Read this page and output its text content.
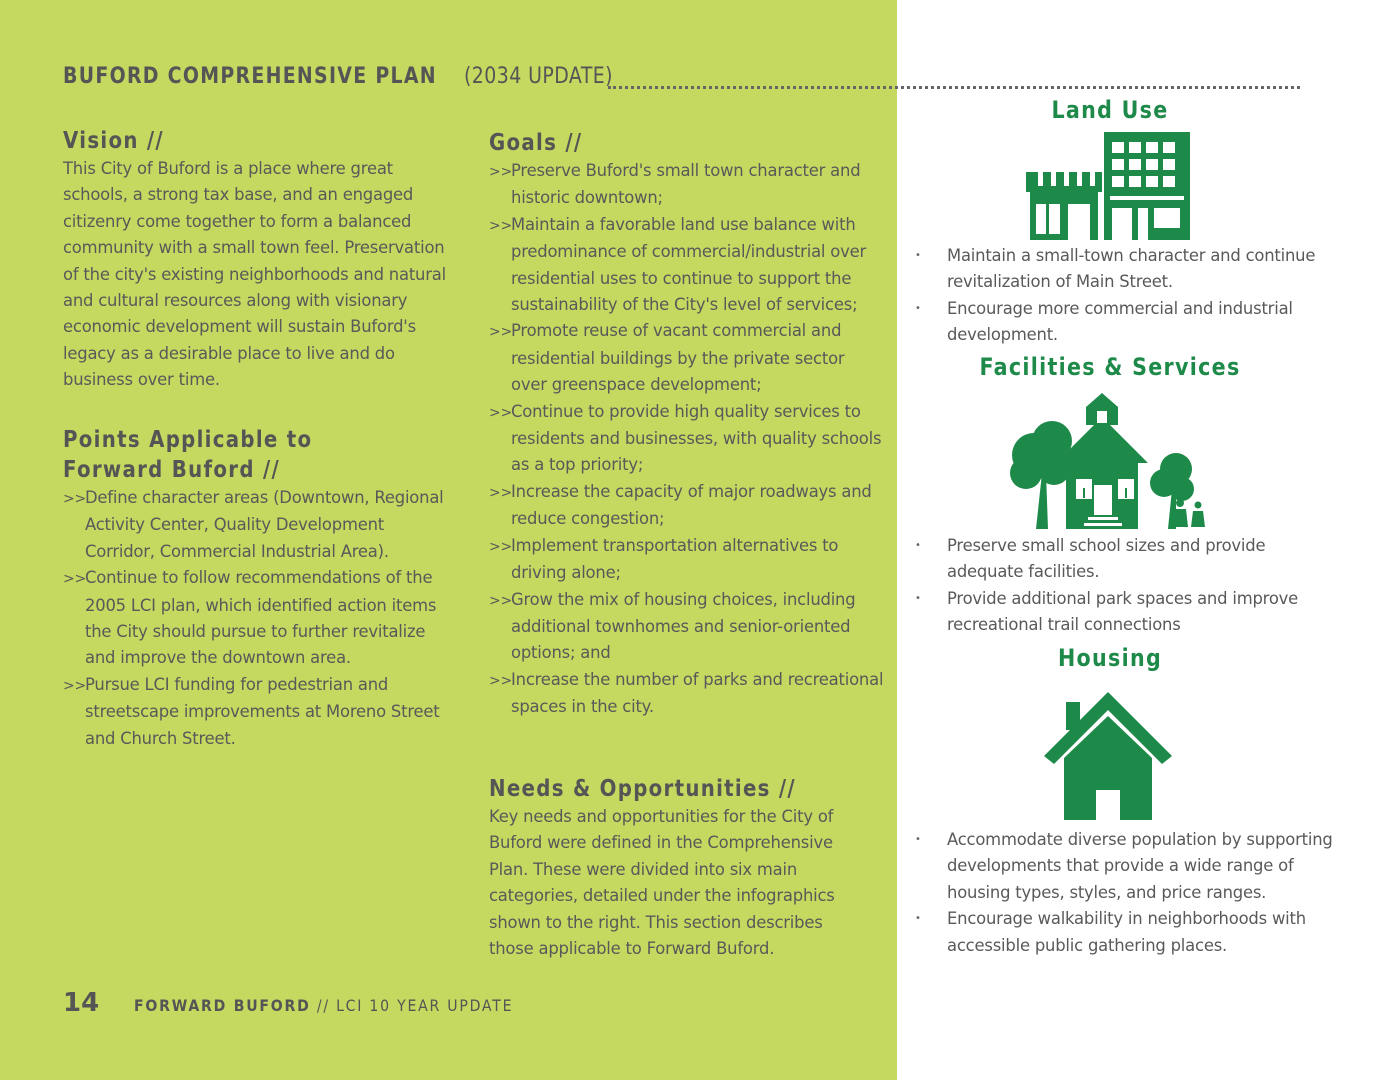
BUFORD COMPREHENSIVE PLAN (2034 UPDATE)
Vision //

This City of Buford is a place where great schools, a strong tax base, and an engaged citizenry come together to form a balanced community with a small town feel. Preservation of the city's existing neighborhoods and natural and cultural resources along with visionary economic development will sustain Buford's legacy as a desirable place to live and do business over time.

Points Applicable to Forward Buford //
>>Define character areas (Downtown, Regional Activity Center, Quality Development Corridor, Commercial Industrial Area).
>>Continue to follow recommendations of the 2005 LCI plan, which identified action items the City should pursue to further revitalize and improve the downtown area.
>>Pursue LCI funding for pedestrian and streetscape improvements at Moreno Street and Church Street.
Goals //
>>Preserve Buford's small town character and historic downtown;
>>Maintain a favorable land use balance with predominance of commercial/industrial over residential uses to continue to support the sustainability of the City's level of services;
>>Promote reuse of vacant commercial and residential buildings by the private sector over greenspace development;
>>Continue to provide high quality services to residents and businesses, with quality schools as a top priority;
>>Increase the capacity of major roadways and reduce congestion;
>>Implement transportation alternatives to driving alone;
>>Grow the mix of housing choices, including additional townhomes and senior-oriented options; and
>>Increase the number of parks and recreational spaces in the city.
Needs & Opportunities //

Key needs and opportunities for the City of Buford were defined in the Comprehensive Plan. These were divided into six main categories, detailed under the infographics shown to the right. This section describes those applicable to Forward Buford.

Land Use
• Maintain a small-town character and continue revitalization of Main Street.
• Encourage more commercial and industrial development.
Facilities & Services
• Preserve small school sizes and provide adequate facilities.
• Provide additional park spaces and improve recreational trail connections
Housing
• Accommodate diverse population by supporting developments that provide a wide range of housing types, styles, and price ranges.
• Encourage walkability in neighborhoods with accessible public gathering places.
14 FORWARD BUFORD // LCI 10 YEAR UPDATE
